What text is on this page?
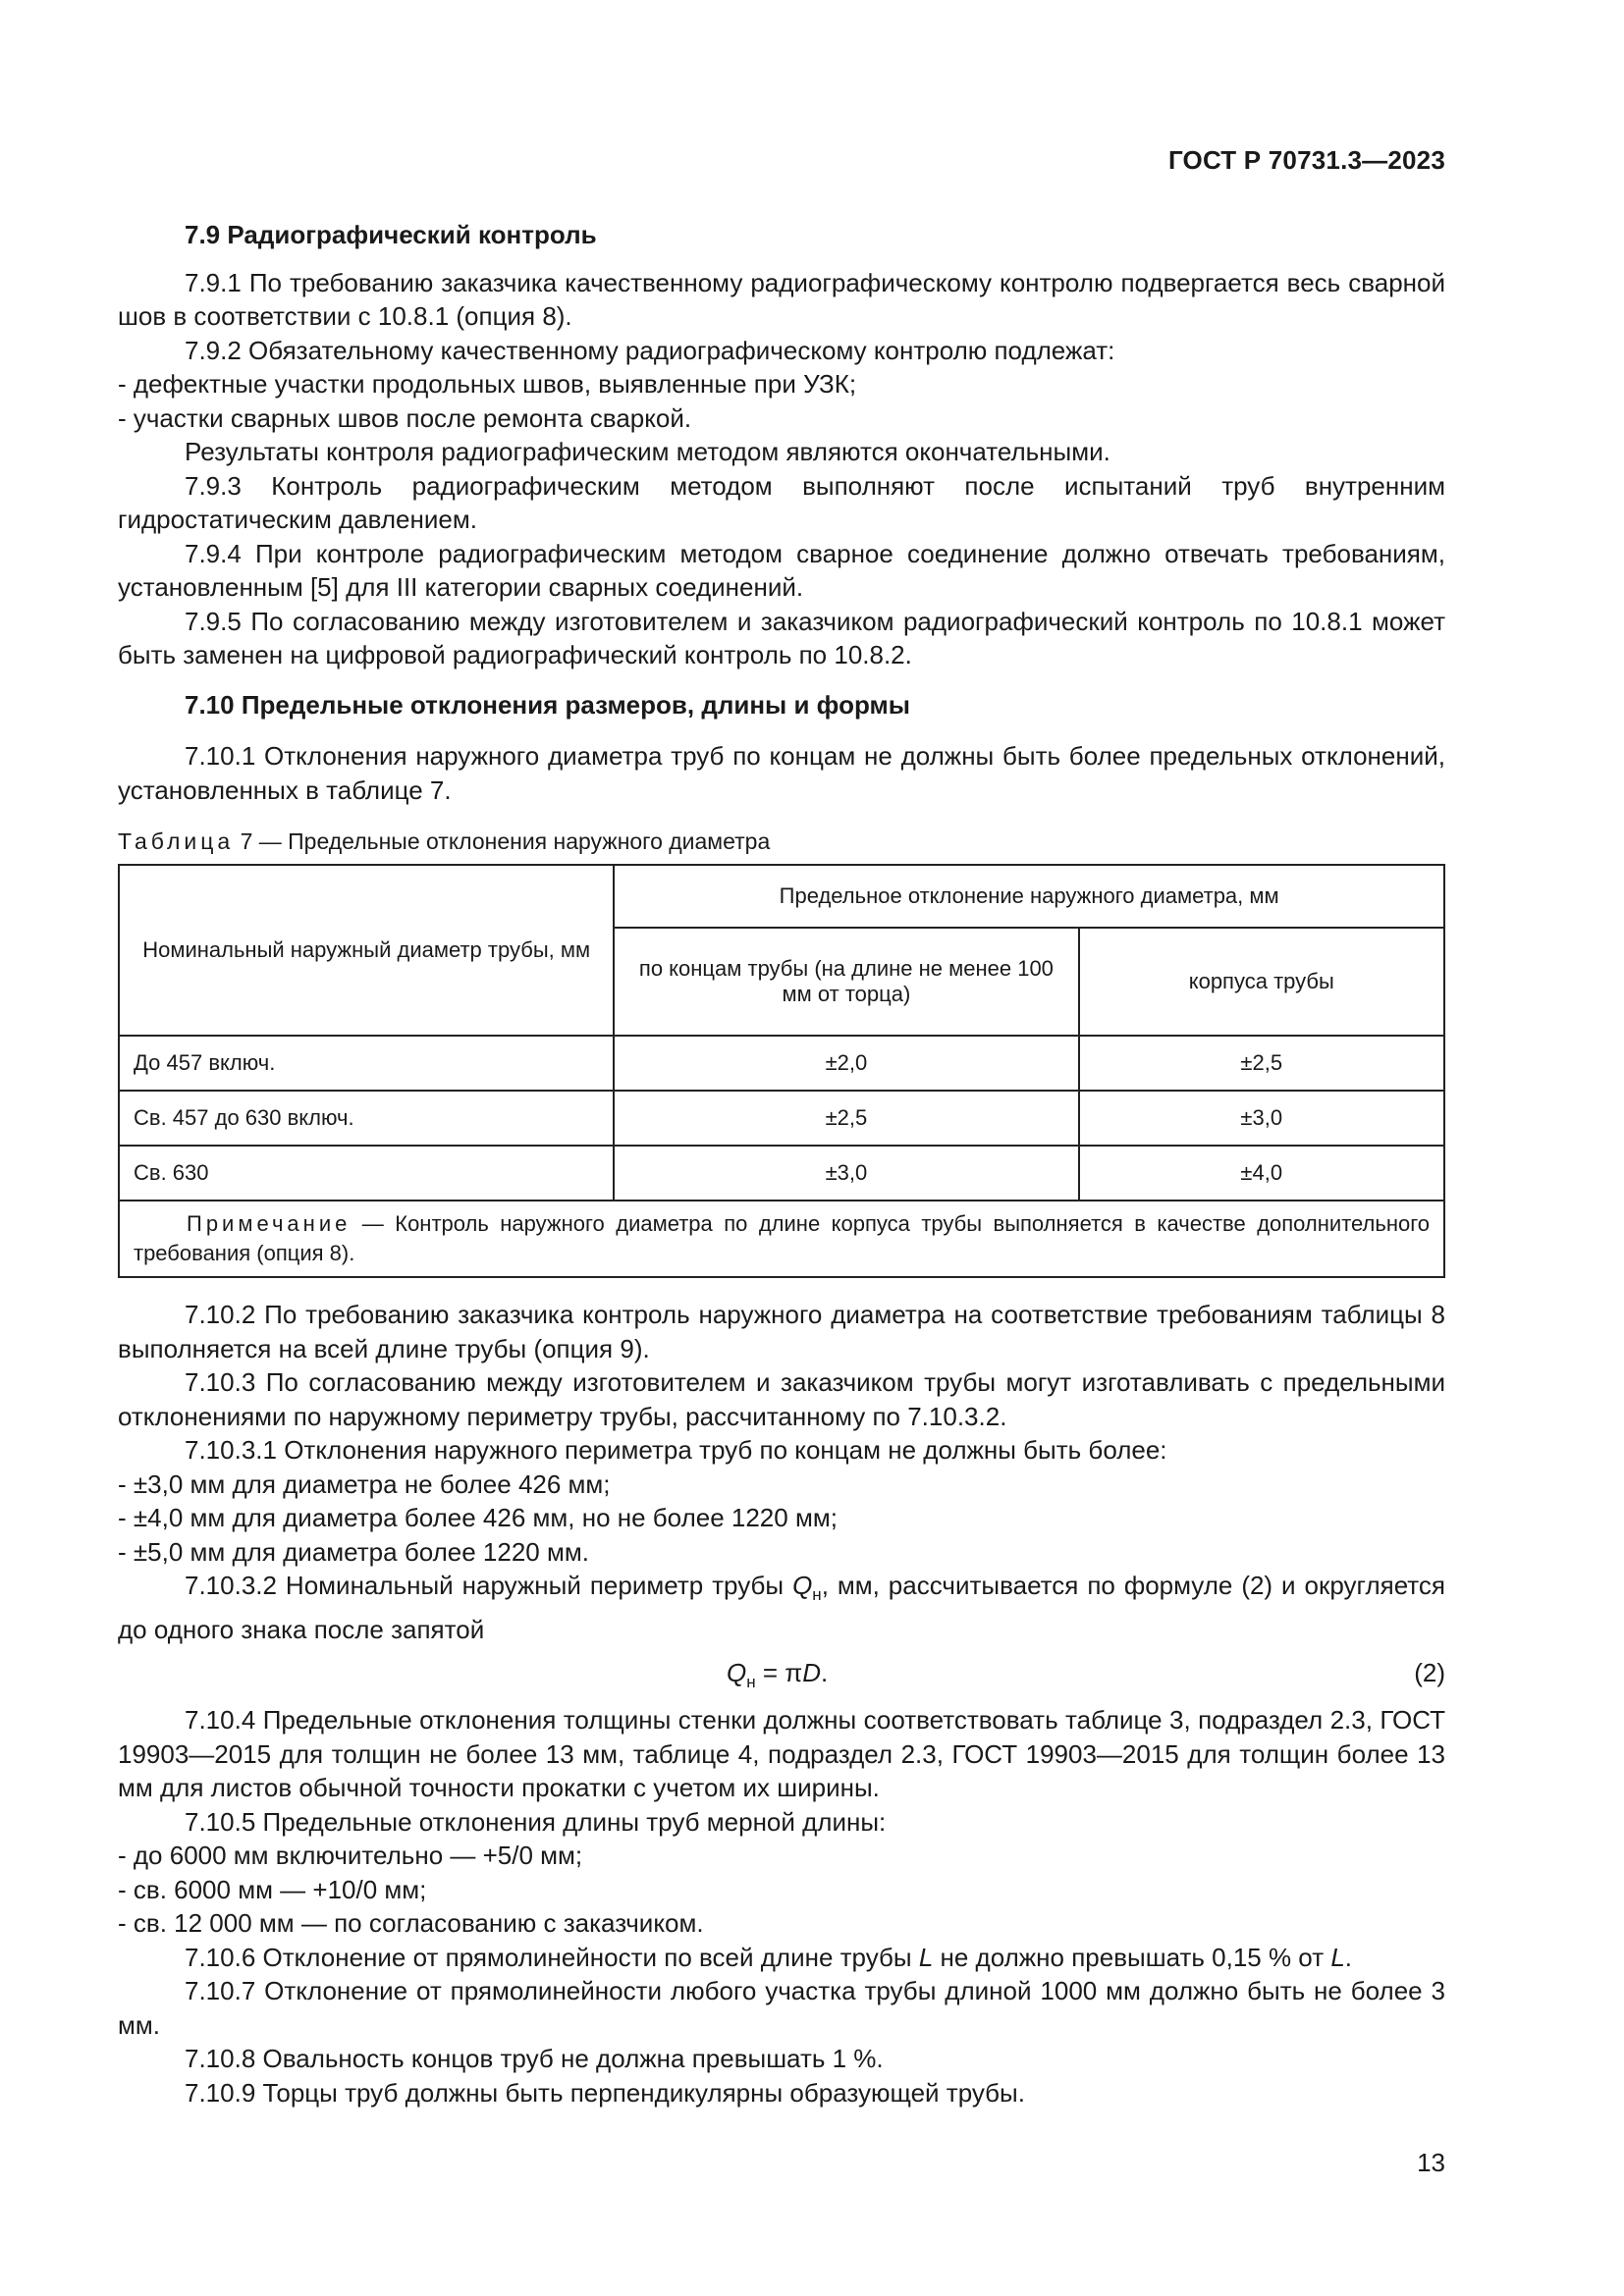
ГОСТ Р 70731.3—2023
7.9 Радиографический контроль

7.9.1 По требованию заказчика качественному радиографическому контролю подвергается весь сварной шов в соответствии с 10.8.1 (опция 8).

7.9.2 Обязательному качественному радиографическому контролю подлежат:

- дефектные участки продольных швов, выявленные при УЗК;

- участки сварных швов после ремонта сваркой.

Результаты контроля радиографическим методом являются окончательными.

7.9.3 Контроль радиографическим методом выполняют после испытаний труб внутренним гидростатическим давлением.

7.9.4 При контроле радиографическим методом сварное соединение должно отвечать требованиям, установленным [5] для III категории сварных соединений.

7.9.5 По согласованию между изготовителем и заказчиком радиографический контроль по 10.8.1 может быть заменен на цифровой радиографический контроль по 10.8.2.

7.10 Предельные отклонения размеров, длины и формы

7.10.1 Отклонения наружного диаметра труб по концам не должны быть более предельных отклонений, установленных в таблице 7.

Таблица 7 — Предельные отклонения наружного диаметра
Номинальный наружный диаметр трубы, мм	Предельное отклонение наружного диаметра, мм	
	по концам трубы (на длине не менее 100 мм от торца)	корпуса трубы
До 457 включ.	±2,0	±2,5
Св. 457 до 630 включ.	±2,5	±3,0
Св. 630	±3,0	±4,0

Примечание — Контроль наружного диаметра по длине корпуса трубы выполняется в качестве дополнительного требования (опция 8).		

7.10.2 По требованию заказчика контроль наружного диаметра на соответствие требованиям таблицы 8 выполняется на всей длине трубы (опция 9).

7.10.3 По согласованию между изготовителем и заказчиком трубы могут изготавливать с предельными отклонениями по наружному периметру трубы, рассчитанному по 7.10.3.2.

7.10.3.1 Отклонения наружного периметра труб по концам не должны быть более:

- ±3,0 мм для диаметра не более 426 мм;

- ±4,0 мм для диаметра более 426 мм, но не более 1220 мм;

- ±5,0 мм для диаметра более 1220 мм.

7.10.3.2 Номинальный наружный периметр трубы $Q_н$, мм, рассчитывается по формуле (2) и округляется до одного знака после запятой

$Q_н = \pi D$.	(2)

7.10.4 Предельные отклонения толщины стенки должны соответствовать таблице 3, подраздел 2.3, ГОСТ 19903—2015 для толщин не более 13 мм, таблице 4, подраздел 2.3, ГОСТ 19903—2015 для толщин более 13 мм для листов обычной точности прокатки с учетом их ширины.

7.10.5 Предельные отклонения длины труб мерной длины:

- до 6000 мм включительно — +5/0 мм;

- св. 6000 мм — +10/0 мм;

- св. 12 000 мм — по согласованию с заказчиком.

7.10.6 Отклонение от прямолинейности по всей длине трубы L не должно превышать 0,15 % от L.

7.10.7 Отклонение от прямолинейности любого участка трубы длиной 1000 мм должно быть не более 3 мм.

7.10.8 Овальность концов труб не должна превышать 1 %.

7.10.9 Торцы труб должны быть перпендикулярны образующей трубы.

13
